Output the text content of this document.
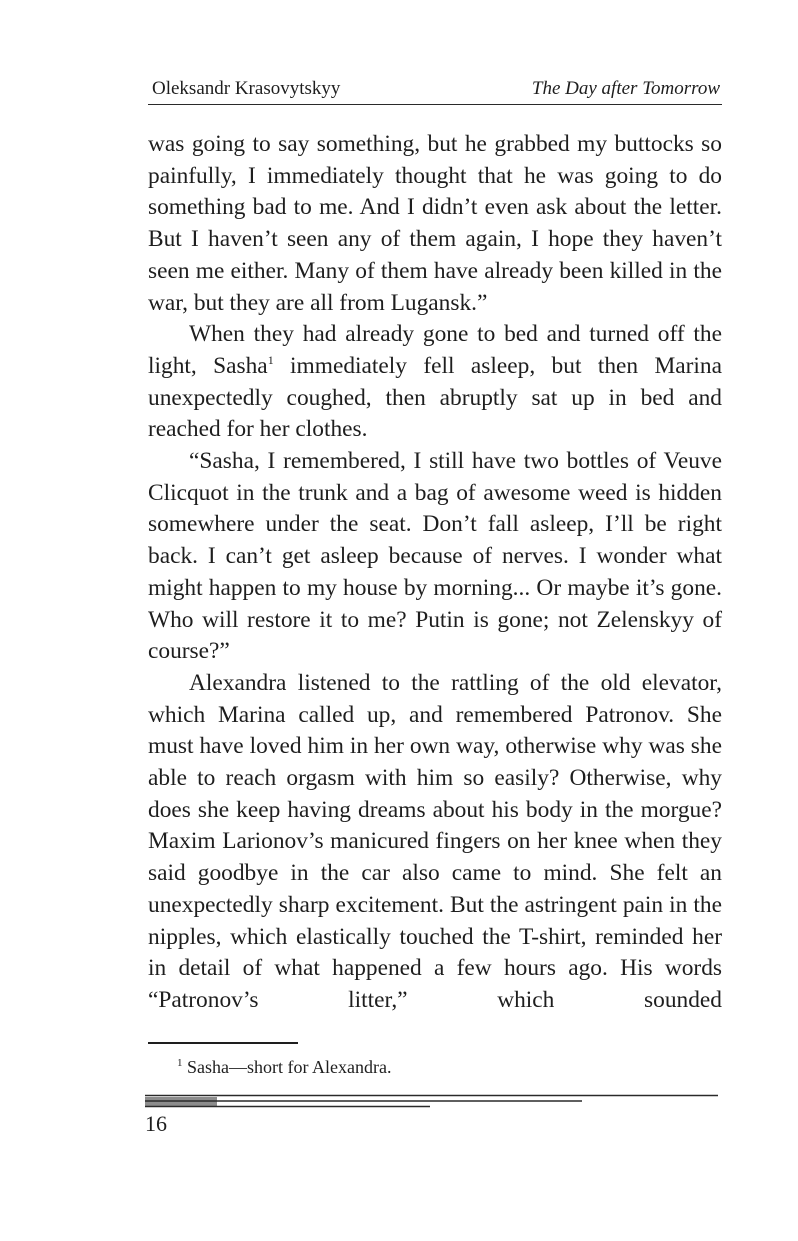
Oleksandr Krasovytskyy	The Day after Tomorrow

was going to say something, but he grabbed my buttocks so painfully, I immediately thought that he was going to do something bad to me. And I didn’t even ask about the letter. But I haven’t seen any of them again, I hope they haven’t seen me either. Many of them have already been killed in the war, but they are all from Lugansk.”

When they had already gone to bed and turned off the light, Sasha$^1$ immediately fell asleep, but then Marina unexpectedly coughed, then abruptly sat up in bed and reached for her clothes.

“Sasha, I remembered, I still have two bottles of Veuve Clicquot in the trunk and a bag of awesome weed is hidden somewhere under the seat. Don’t fall asleep, I’ll be right back. I can’t get asleep because of nerves. I wonder what might happen to my house by morning... Or maybe it’s gone. Who will restore it to me? Putin is gone; not Zelenskyy of course?”

Alexandra listened to the rattling of the old elevator, which Marina called up, and remembered Patronov. She must have loved him in her own way, otherwise why was she able to reach orgasm with him so easily? Otherwise, why does she keep having dreams about his body in the morgue? Maxim Larionov’s manicured fingers on her knee when they said goodbye in the car also came to mind. She felt an unexpectedly sharp excitement. But the astringent pain in the nipples, which elastically touched the T-shirt, reminded her in detail of what happened a few hours ago. His words “Patronov’s litter,” which sounded

$^1$ Sasha—short for Alexandra.
16
